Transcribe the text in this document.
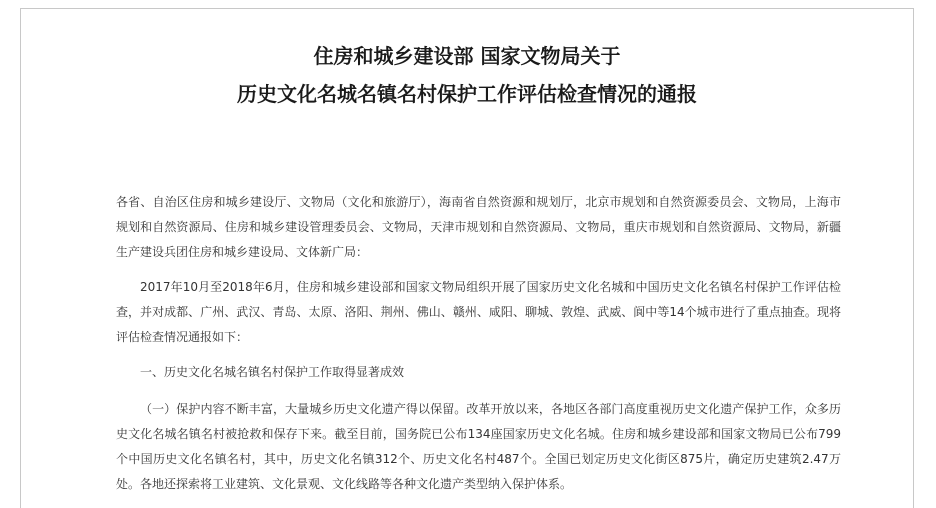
住房和城乡建设部 国家文物局关于
历史文化名城名镇名村保护工作评估检查情况的通报

各省、自治区住房和城乡建设厅、文物局（文化和旅游厅），海南省自然资源和规划厅，北京市规划和自然资源委员会、文物局，上海市规划和自然资源局、住房和城乡建设管理委员会、文物局，天津市规划和自然资源局、文物局，重庆市规划和自然资源局、文物局，新疆生产建设兵团住房和城乡建设局、文体新广局：

2017年10月至2018年6月，住房和城乡建设部和国家文物局组织开展了国家历史文化名城和中国历史文化名镇名村保护工作评估检查，并对成都、广州、武汉、青岛、太原、洛阳、荆州、佛山、赣州、咸阳、聊城、敦煌、武威、阆中等14个城市进行了重点抽查。现将评估检查情况通报如下：

一、历史文化名城名镇名村保护工作取得显著成效

（一）保护内容不断丰富，大量城乡历史文化遗产得以保留。改革开放以来，各地区各部门高度重视历史文化遗产保护工作，众多历史文化名城名镇名村被抢救和保存下来。截至目前，国务院已公布134座国家历史文化名城。住房和城乡建设部和国家文物局已公布799个中国历史文化名镇名村，其中，历史文化名镇312个、历史文化名村487个。全国已划定历史文化街区875片，确定历史建筑2.47万处。各地还探索将工业建筑、文化景观、文化线路等各种文化遗产类型纳入保护体系。
